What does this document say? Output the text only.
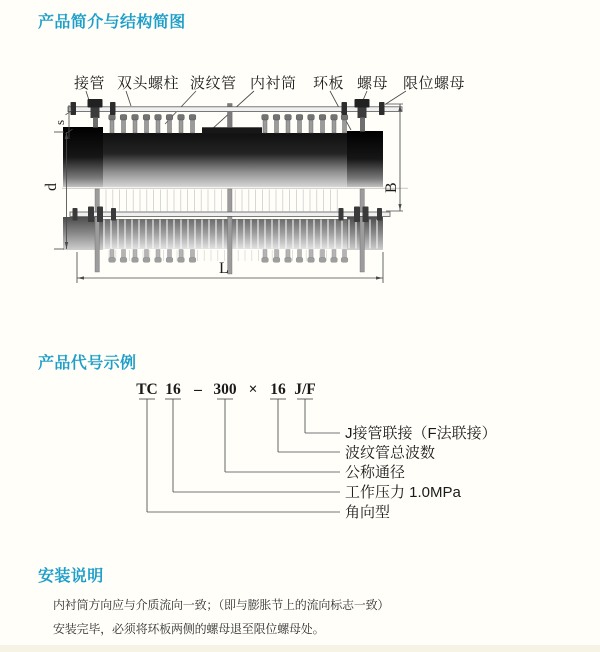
产品简介与结构简图
接管 双头螺柱 波纹管 内衬筒 环板 螺母 限位螺母
s
d	B
L
TC 16 – 300 × 16 J/F
J接管联接（F法联接）
波纹管总波数
公称通径
工作压力 1.0MPa
角向型
产品代号示例
安装说明
内衬筒方向应与介质流向一致；（即与膨胀节上的流向标志一致）
安装完毕，必须将环板两侧的螺母退至限位螺母处。
